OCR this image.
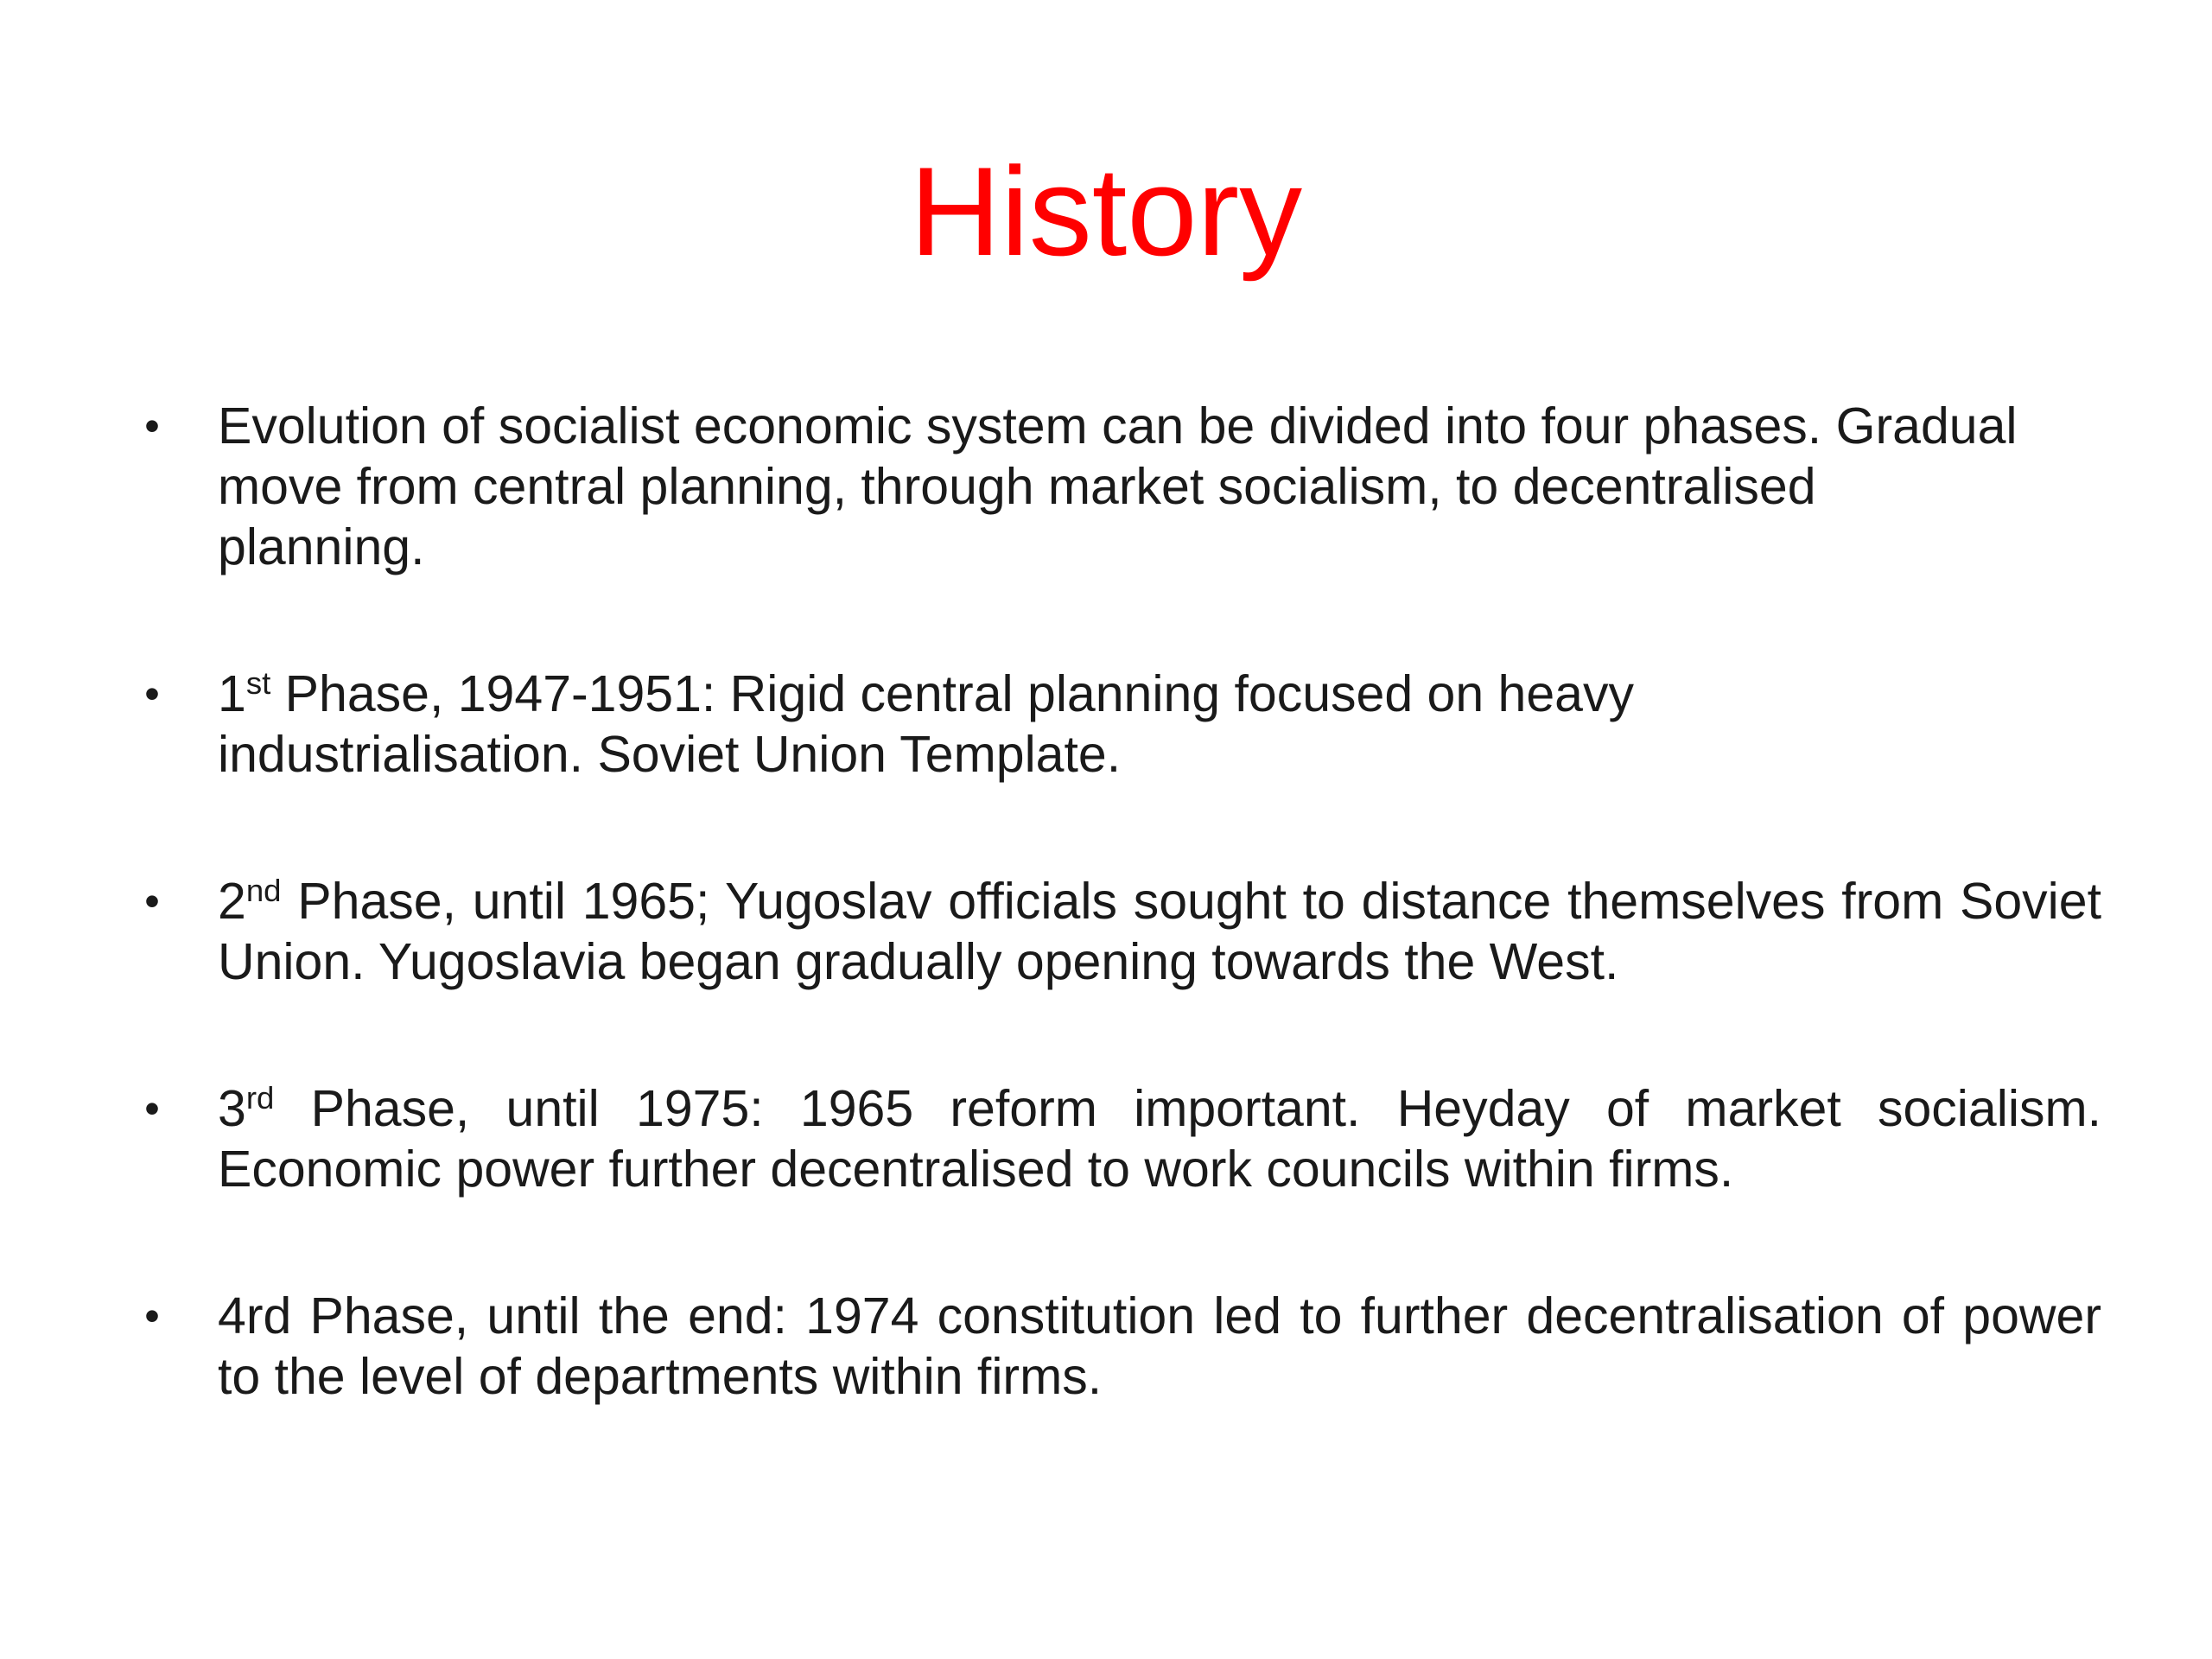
History
• Evolution of socialist economic system can be divided into four phases. Gradual move from central planning, through market socialism, to decentralised planning.
• 1st Phase, 1947-1951: Rigid central planning focused on heavy industrialisation. Soviet Union Template.
• 2nd Phase, until 1965; Yugoslav officials sought to distance themselves from Soviet Union. Yugoslavia began gradually opening towards the West.
• 3rd Phase, until 1975: 1965 reform important. Heyday of market socialism. Economic power further decentralised to work councils within firms.
• 4rd Phase, until the end: 1974 constitution led to further decentralisation of power to the level of departments within firms.
